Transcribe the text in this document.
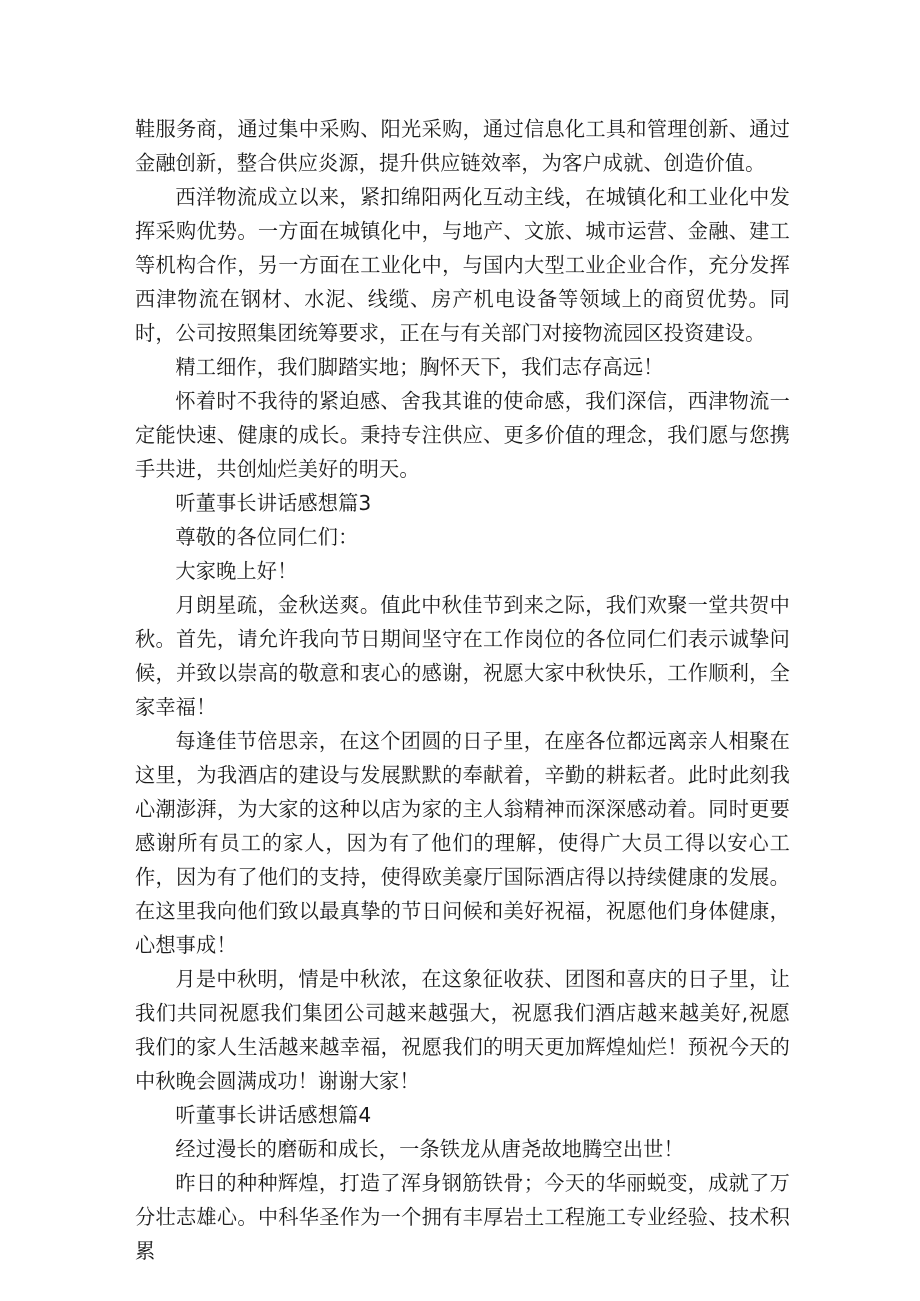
鞋服务商，通过集中采购、阳光采购，通过信息化工具和管理创新、通过金融创新，整合供应炎源，提升供应链效率，为客户成就、创造价值。

西洋物流成立以来，紧扣绵阳两化互动主线，在城镇化和工业化中发挥采购优势。一方面在城镇化中，与地产、文旅、城市运营、金融、建工等机构合作，另一方面在工业化中，与国内大型工业企业合作，充分发挥西津物流在钢材、水泥、线缆、房产机电设备等领域上的商贸优势。同时，公司按照集团统筹要求，正在与有关部门对接物流园区投资建设。

精工细作，我们脚踏实地；胸怀天下，我们志存高远！

怀着时不我待的紧迫感、舍我其谁的使命感，我们深信，西津物流一定能快速、健康的成长。秉持专注供应、更多价值的理念，我们愿与您携手共进，共创灿烂美好的明天。

听董事长讲话感想篇3

尊敬的各位同仁们：

大家晚上好！

月朗星疏，金秋送爽。值此中秋佳节到来之际，我们欢聚一堂共贺中秋。首先，请允许我向节日期间坚守在工作岗位的各位同仁们表示诚挚问候，并致以崇高的敬意和衷心的感谢，祝愿大家中秋快乐，工作顺利，全家幸福！

每逢佳节倍思亲，在这个团圆的日子里，在座各位都远离亲人相聚在这里，为我酒店的建设与发展默默的奉献着，辛勤的耕耘者。此时此刻我心潮澎湃，为大家的这种以店为家的主人翁精神而深深感动着。同时更要感谢所有员工的家人，因为有了他们的理解，使得广大员工得以安心工作，因为有了他们的支持，使得欧美豪厅国际酒店得以持续健康的发展。在这里我向他们致以最真挚的节日问候和美好祝福，祝愿他们身体健康，心想事成！

月是中秋明，情是中秋浓，在这象征收获、团图和喜庆的日子里，让我们共同祝愿我们集团公司越来越强大，祝愿我们酒店越来越美好,祝愿我们的家人生活越来越幸福，祝愿我们的明天更加辉煌灿烂！预祝今天的中秋晚会圆满成功！谢谢大家！

听董事长讲话感想篇4

经过漫长的磨砺和成长，一条铁龙从唐尧故地腾空出世！

昨日的种种辉煌，打造了浑身钢筋铁骨；今天的华丽蜕变，成就了万分壮志雄心。中科华圣作为一个拥有丰厚岩土工程施工专业经验、技术积累
